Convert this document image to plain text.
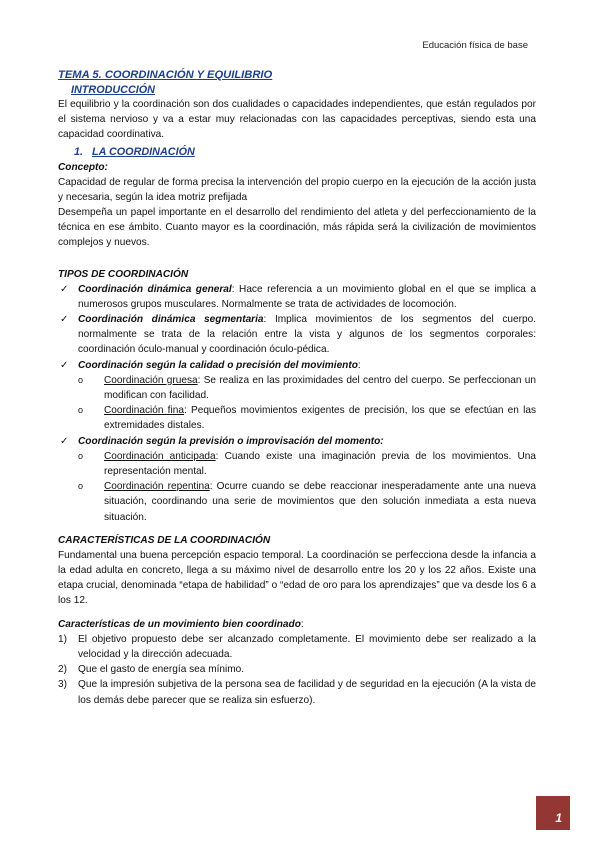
Educación física de base
TEMA 5. COORDINACIÓN Y EQUILIBRIO
INTRODUCCIÓN

El equilibrio y la coordinación son dos cualidades o capacidades independientes, que están regulados por el sistema nervioso y va a estar muy relacionadas con las capacidades perceptivas, siendo esta una capacidad coordinativa.

1. LA COORDINACIÓN
Concepto:

Capacidad de regular de forma precisa la intervención del propio cuerpo en la ejecución de la acción justa y necesaria, según la idea motriz prefijada

Desempeña un papel importante en el desarrollo del rendimiento del atleta y del perfeccionamiento de la técnica en ese ámbito. Cuanto mayor es la coordinación, más rápida será la civilización de movimientos complejos y nuevos.

TIPOS DE COORDINACIÓN
✓ Coordinación dinámica general: Hace referencia a un movimiento global en el que se implica a numerosos grupos musculares. Normalmente se trata de actividades de locomoción.
✓ Coordinación dinámica segmentaria: Implica movimientos de los segmentos del cuerpo. normalmente se trata de la relación entre la vista y algunos de los segmentos corporales: coordinación óculo-manual y coordinación óculo-pédica.
✓ Coordinación según la calidad o precisión del movimiento:
o Coordinación gruesa: Se realiza en las proximidades del centro del cuerpo. Se perfeccionan un modifican con facilidad.
o Coordinación fina: Pequeños movimientos exigentes de precisión, los que se efectúan en las extremidades distales.
✓ Coordinación según la previsión o improvisación del momento:
o Coordinación anticipada: Cuando existe una imaginación previa de los movimientos. Una representación mental.
o Coordinación repentina: Ocurre cuando se debe reaccionar inesperadamente ante una nueva situación, coordinando una serie de movimientos que den solución inmediata a esta nueva situación.
CARACTERÍSTICAS DE LA COORDINACIÓN

Fundamental una buena percepción espacio temporal. La coordinación se perfecciona desde la infancia a la edad adulta en concreto, llega a su máximo nivel de desarrollo entre los 20 y los 22 años. Existe una etapa crucial, denominada “etapa de habilidad” o “edad de oro para los aprendizajes” que va desde los 6 a los 12.

Características de un movimiento bien coordinado:
1) El objetivo propuesto debe ser alcanzado completamente. El movimiento debe ser realizado a la velocidad y la dirección adecuada.
2) Que el gasto de energía sea mínimo.
3) Que la impresión subjetiva de la persona sea de facilidad y de seguridad en la ejecución (A la vista de los demás debe parecer que se realiza sin esfuerzo).
1
